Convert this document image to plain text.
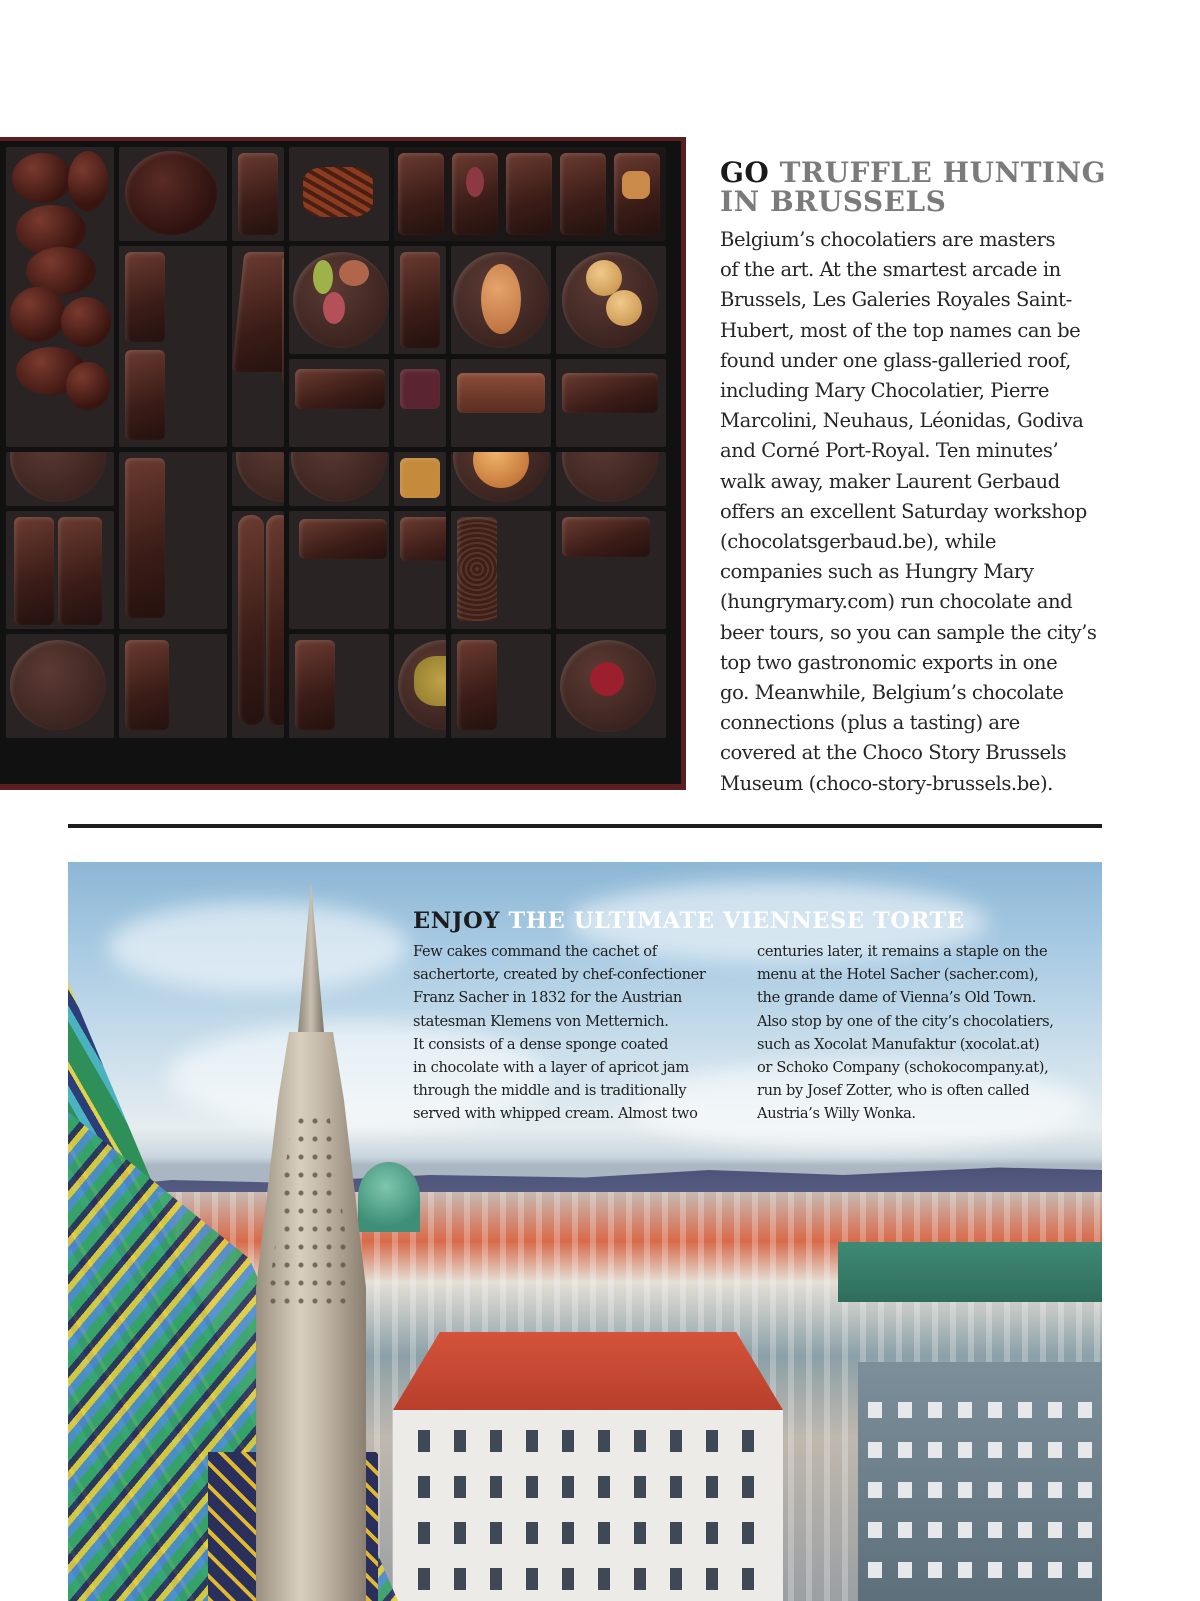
GO TRUFFLE HUNTING
IN BRUSSELS

Belgium’s chocolatiers are masters
of the art. At the smartest arcade in
Brussels, Les Galeries Royales Saint-
Hubert, most of the top names can be
found under one glass-galleried roof,
including Mary Chocolatier, Pierre
Marcolini, Neuhaus, Léonidas, Godiva
and Corné Port-Royal. Ten minutes’
walk away, maker Laurent Gerbaud
offers an excellent Saturday workshop
(chocolatsgerbaud.be), while
companies such as Hungry Mary
(hungrymary.com) run chocolate and
beer tours, so you can sample the city’s
top two gastronomic exports in one
go. Meanwhile, Belgium’s chocolate
connections (plus a tasting) are
covered at the Choco Story Brussels
Museum (choco-story-brussels.be).

ENJOY THE ULTIMATE VIENNESE TORTE
Few cakes command the cachet of
sachertorte, created by chef-confectioner
Franz Sacher in 1832 for the Austrian
statesman Klemens von Metternich.
It consists of a dense sponge coated
in chocolate with a layer of apricot jam
through the middle and is traditionally
served with whipped cream. Almost two
centuries later, it remains a staple on the
menu at the Hotel Sacher (sacher.com),
the grande dame of Vienna’s Old Town.
Also stop by one of the city’s chocolatiers,
such as Xocolat Manufaktur (xocolat.at)
or Schoko Company (schokocompany.at),
run by Josef Zotter, who is often called
Austria’s Willy Wonka.
